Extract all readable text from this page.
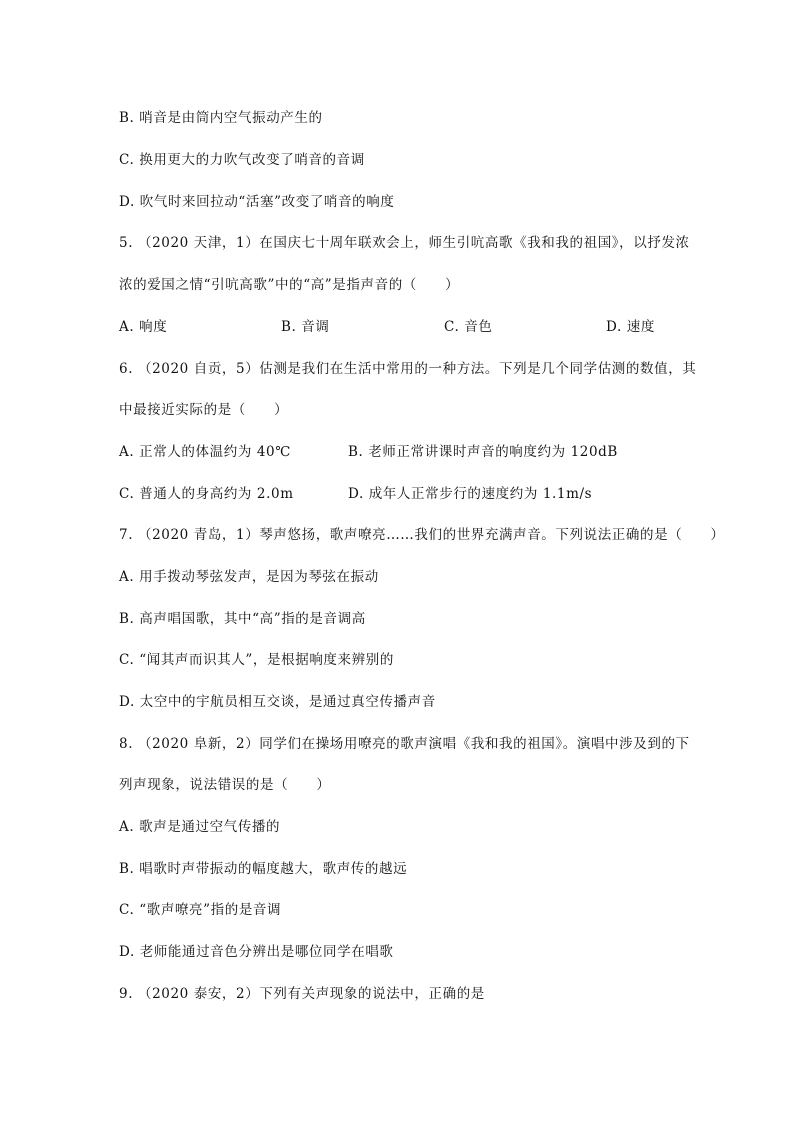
B. 哨音是由筒内空气振动产生的
C. 换用更大的力吹气改变了哨音的音调
D. 吹气时来回拉动“活塞”改变了哨音的响度
5. （2020 天津，1）在国庆七十周年联欢会上，师生引吭高歌《我和我的祖国》，以抒发浓
浓的爱国之情“引吭高歌”中的“高”是指声音的（　　）
A. 响度	B. 音调	C. 音色	D. 速度
6. （2020 自贡，5）估测是我们在生活中常用的一种方法。下列是几个同学估测的数值，其
中最接近实际的是（　　）
A. 正常人的体温约为 40℃	B. 老师正常讲课时声音的响度约为 120dB
C. 普通人的身高约为 2.0m	D. 成年人正常步行的速度约为 1.1m/s
7. （2020 青岛，1）琴声悠扬，歌声嘹亮……我们的世界充满声音。下列说法正确的是（　　）
A. 用手拨动琴弦发声，是因为琴弦在振动
B. 高声唱国歌，其中“高”指的是音调高
C. “闻其声而识其人”，是根据响度来辨别的
D. 太空中的宇航员相互交谈，是通过真空传播声音
8. （2020 阜新，2）同学们在操场用嘹亮的歌声演唱《我和我的祖国》。演唱中涉及到的下
列声现象，说法错误的是（　　）
A. 歌声是通过空气传播的
B. 唱歌时声带振动的幅度越大，歌声传的越远
C. “歌声嘹亮”指的是音调
D. 老师能通过音色分辨出是哪位同学在唱歌
9. （2020 泰安，2）下列有关声现象的说法中，正确的是
